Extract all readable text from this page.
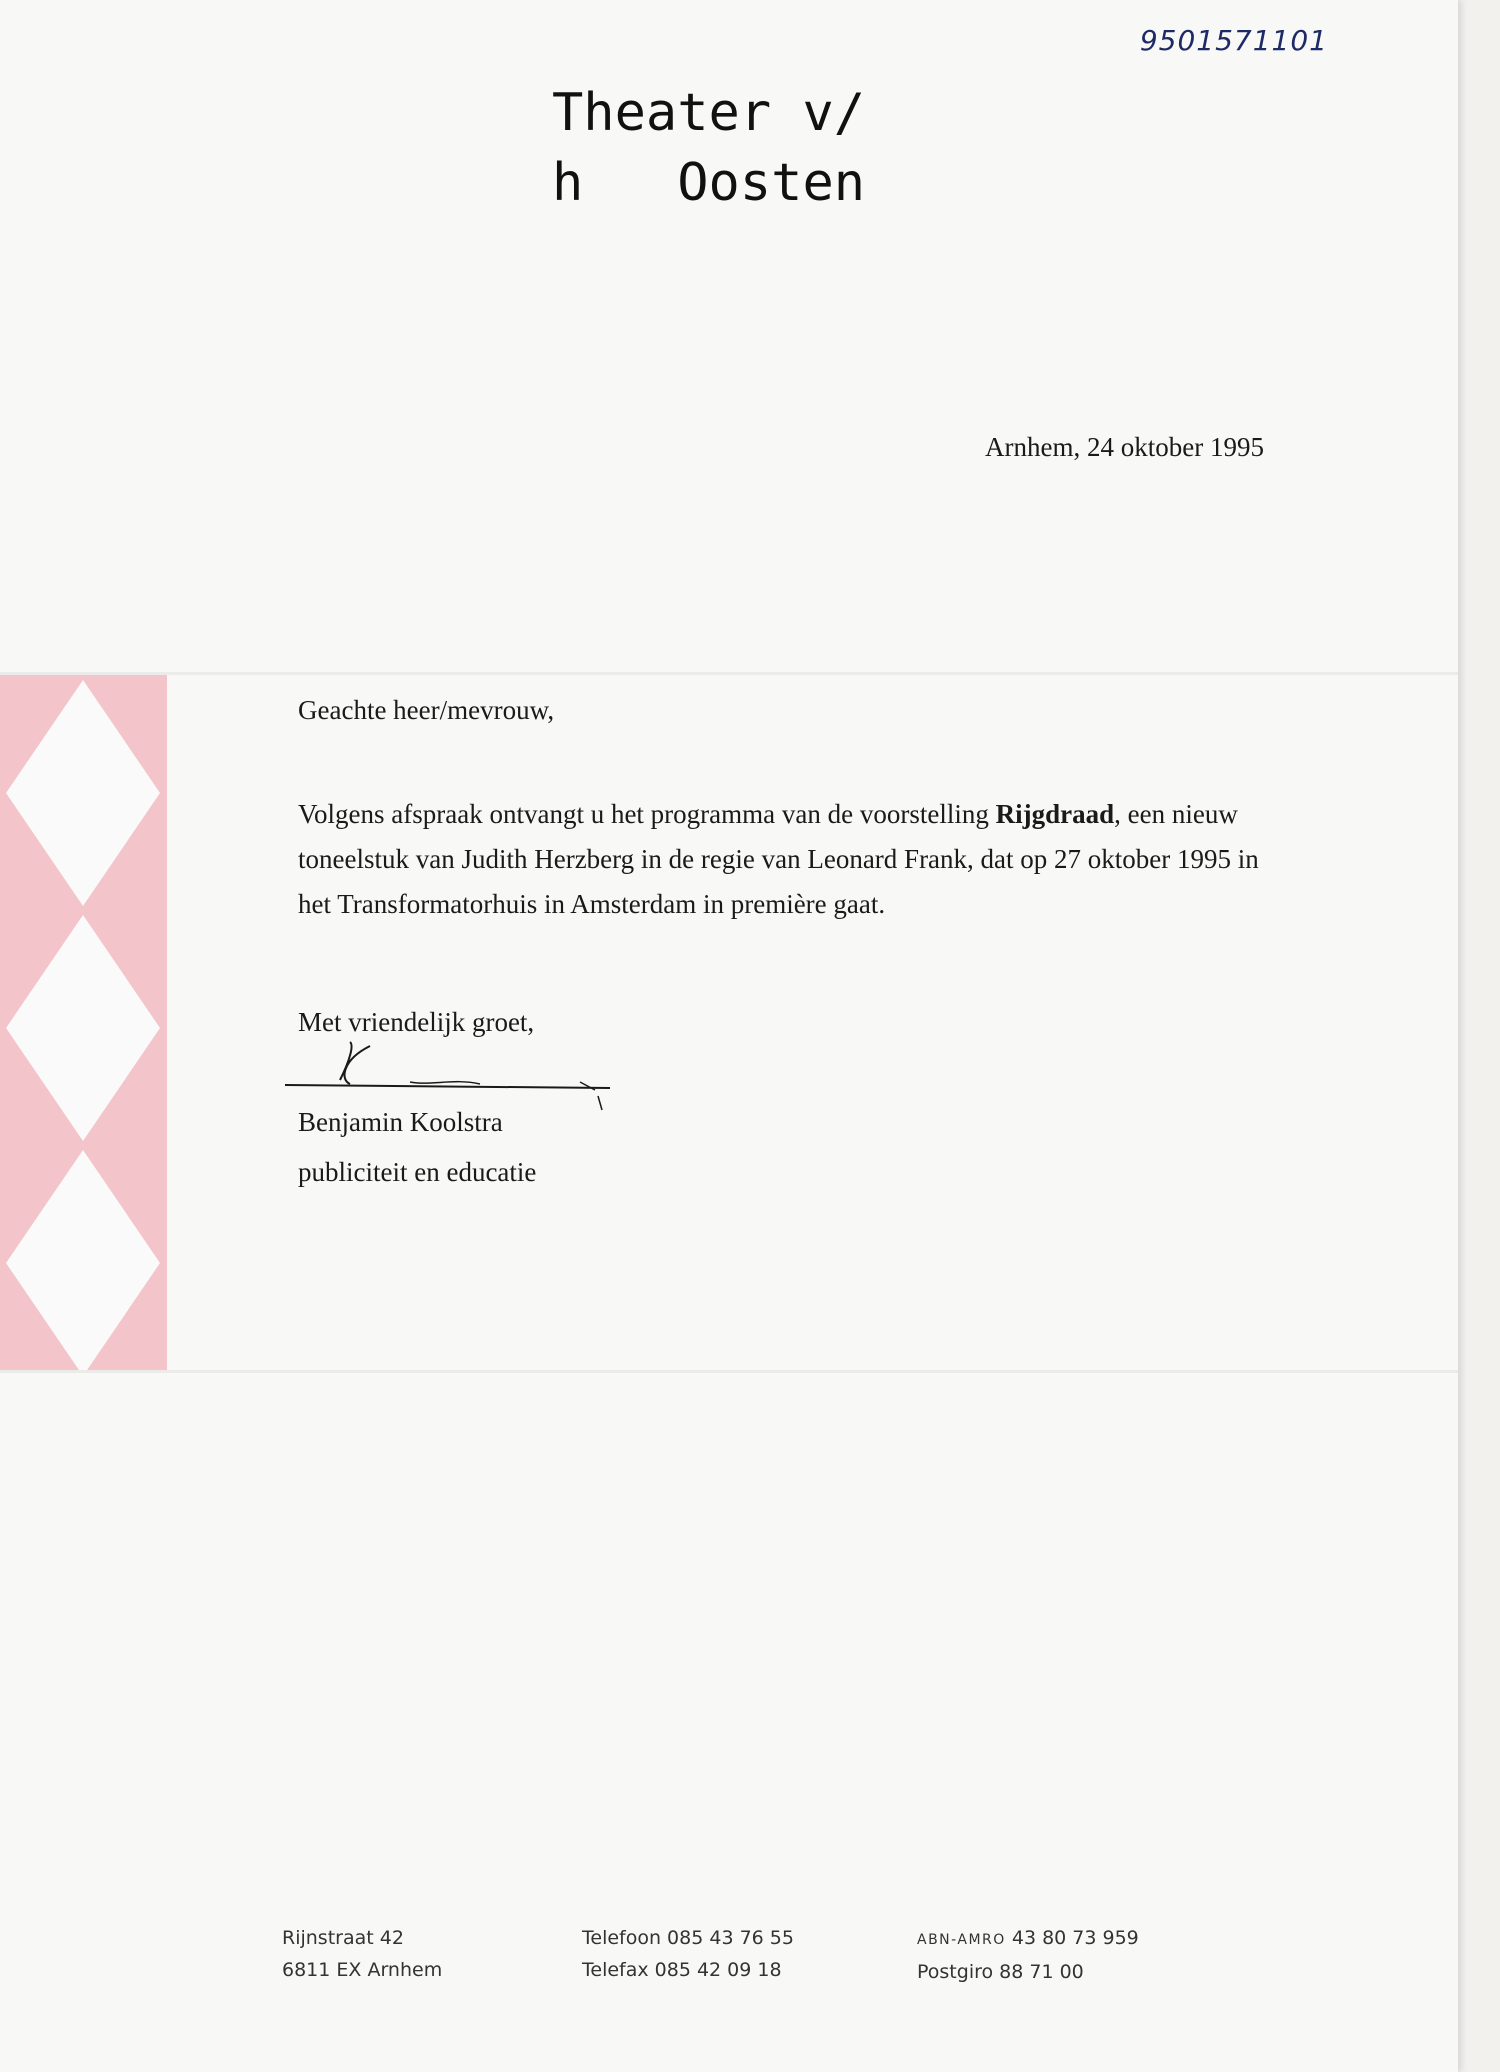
9501571101
Theater v/
h Oosten
Arnhem, 24 oktober 1995
Geachte heer/mevrouw,

Volgens afspraak ontvangt u het programma van de voorstelling Rijgdraad, een nieuw toneelstuk van Judith Herzberg in de regie van Leonard Frank, dat op 27 oktober 1995 in het Transformatorhuis in Amsterdam in première gaat.

Met vriendelijk groet,
Benjamin Koolstra
publiciteit en educatie
Rijnstraat 42
6811 EX Arnhem
Telefoon 085 43 76 55
Telefax 085 42 09 18
ABN-AMRO 43 80 73 959
Postgiro 88 71 00
